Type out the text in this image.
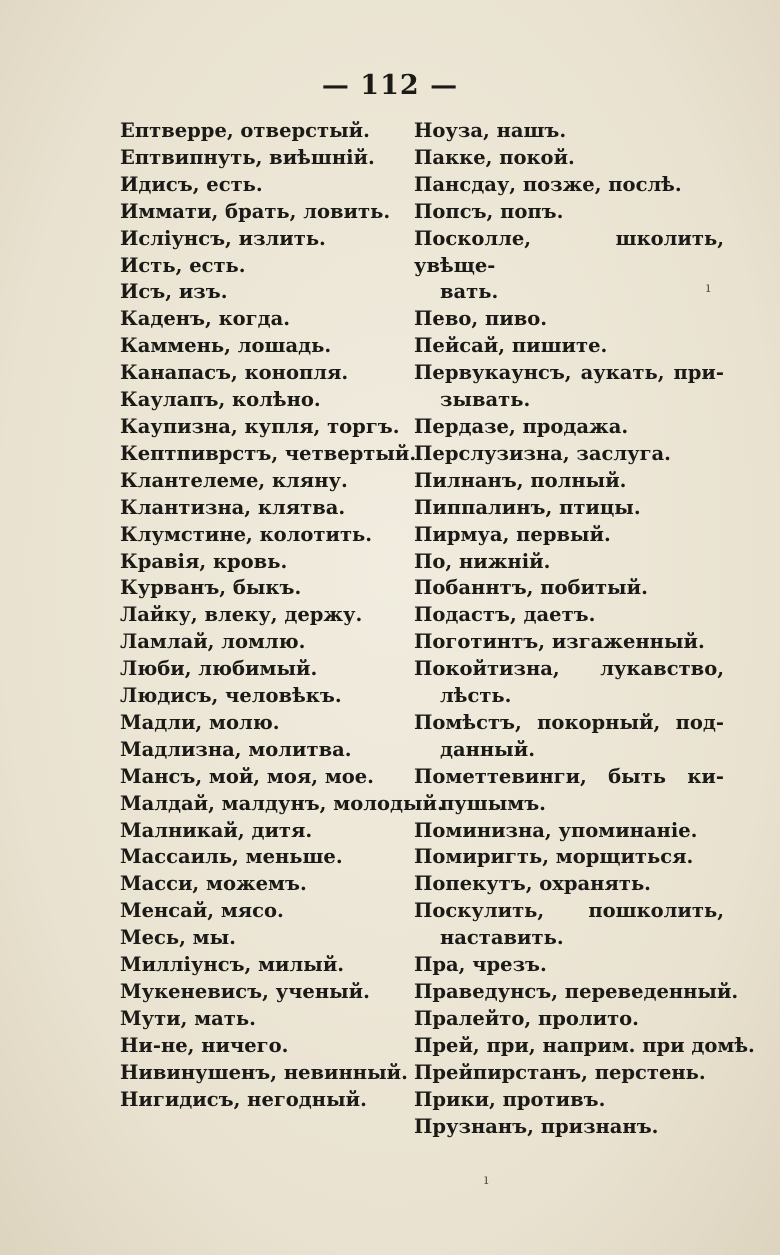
— 112 —
Ептверре, отверстый.
Ептвипнуть, виѣшній.
Идисъ, есть.
Иммати, брать, ловить.
Исліунсъ, излить.
Исть, есть.
Исъ, изъ.
Каденъ, когда.
Каммень, лошадь.
Канапасъ, конопля.
Каулапъ, колѣно.
Каупизна, купля, торгъ.
Кептпиврстъ, четвертый.
Клантелеме, кляну.
Клантизна, клятва.
Клумстине, колотить.
Кравія, кровь.
Курванъ, быкъ.
Лайку, влеку, держу.
Ламлай, ломлю.
Люби, любимый.
Людисъ, человѣкъ.
Мадли, молю.
Мадлизна, молитва.
Мансъ, мой, моя, мое.
Малдай, малдунъ, молодый.
Малникай, дитя.
Массаиль, меньше.
Масси, можемъ.
Менсай, мясо.
Месь, мы.
Милліунсъ, милый.
Мукеневисъ, ученый.
Мути, мать.
Ни-не, ничего.
Нивинушенъ, невинный.
Нигидисъ, негодный.
Ноуза, нашъ.
Пакке, покой.
Пансдау, позже, послѣ.
Попсъ, попъ.
Посколле, школить, увѣще-
вать.
Пево, пиво.
Пейсай, пишите.
Первукаунсъ, аукать, при-
зывать.
Пердазе, продажа.
Перслузизна, заслуга.
Пилнанъ, полный.
Пиппалинъ, птицы.
Пирмуа, первый.
По, нижній.
Побаннтъ, побитый.
Подастъ, даетъ.
Поготинтъ, изгаженный.
Покойтизна, лукавство,
лѣсть.
Помѣстъ, покорный, под-
данный.
Пометтевинги, быть ки-
пушымъ.
Поминизна, упоминаніе.
Помиригть, морщиться.
Попекутъ, охранять.
Поскулить, пошколить,
наставить.
Пра, чрезъ.
Праведунсъ, переведенный.
Пралейто, пролито.
Прей, при, наприм. при домѣ.
Прейпирстанъ, перстень.
Прики, противъ.
Прузнанъ, признанъ.
ı
ı
